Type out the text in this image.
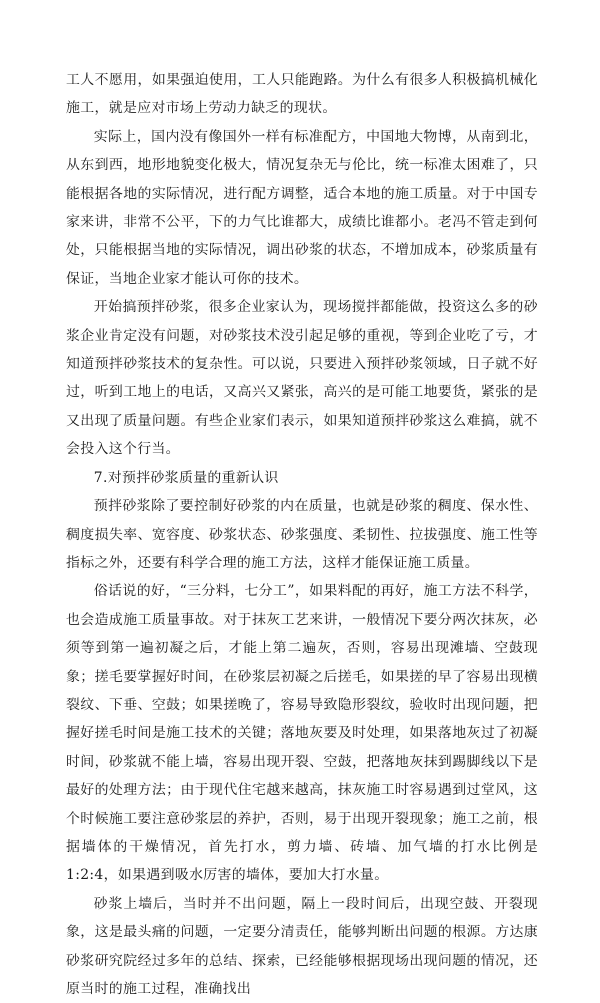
工人不愿用，如果强迫使用，工人只能跑路。为什么有很多人积极搞机械化施工，就是应对市场上劳动力缺乏的现状。

实际上，国内没有像国外一样有标准配方，中国地大物博，从南到北，从东到西，地形地貌变化极大，情况复杂无与伦比，统一标准太困难了，只能根据各地的实际情况，进行配方调整，适合本地的施工质量。对于中国专家来讲，非常不公平，下的力气比谁都大，成绩比谁都小。老冯不管走到何处，只能根据当地的实际情况，调出砂浆的状态，不增加成本，砂浆质量有保证，当地企业家才能认可你的技术。

开始搞预拌砂浆，很多企业家认为，现场搅拌都能做，投资这么多的砂浆企业肯定没有问题，对砂浆技术没引起足够的重视，等到企业吃了亏，才知道预拌砂浆技术的复杂性。可以说，只要进入预拌砂浆领域，日子就不好过，听到工地上的电话，又高兴又紧张，高兴的是可能工地要货，紧张的是又出现了质量问题。有些企业家们表示，如果知道预拌砂浆这么难搞，就不会投入这个行当。

7.对预拌砂浆质量的重新认识

预拌砂浆除了要控制好砂浆的内在质量，也就是砂浆的稠度、保水性、稠度损失率、宽容度、砂浆状态、砂浆强度、柔韧性、拉拔强度、施工性等指标之外，还要有科学合理的施工方法，这样才能保证施工质量。

俗话说的好，“三分料，七分工”，如果料配的再好，施工方法不科学，也会造成施工质量事故。对于抹灰工艺来讲，一般情况下要分两次抹灰，必须等到第一遍初凝之后，才能上第二遍灰，否则，容易出现滩墙、空鼓现象；搓毛要掌握好时间，在砂浆层初凝之后搓毛，如果搓的早了容易出现横裂纹、下垂、空鼓；如果搓晚了，容易导致隐形裂纹，验收时出现问题，把握好搓毛时间是施工技术的关键；落地灰要及时处理，如果落地灰过了初凝时间，砂浆就不能上墙，容易出现开裂、空鼓，把落地灰抹到踢脚线以下是最好的处理方法；由于现代住宅越来越高，抹灰施工时容易遇到过堂风，这个时候施工要注意砂浆层的养护，否则，易于出现开裂现象；施工之前，根据墙体的干燥情况，首先打水，剪力墙、砖墙、加气墙的打水比例是 1:2:4，如果遇到吸水厉害的墙体，要加大打水量。

砂浆上墙后，当时并不出问题，隔上一段时间后，出现空鼓、开裂现象，这是最头痛的问题，一定要分清责任，能够判断出问题的根源。方达康砂浆研究院经过多年的总结、探索，已经能够根据现场出现问题的情况，还原当时的施工过程，准确找出
